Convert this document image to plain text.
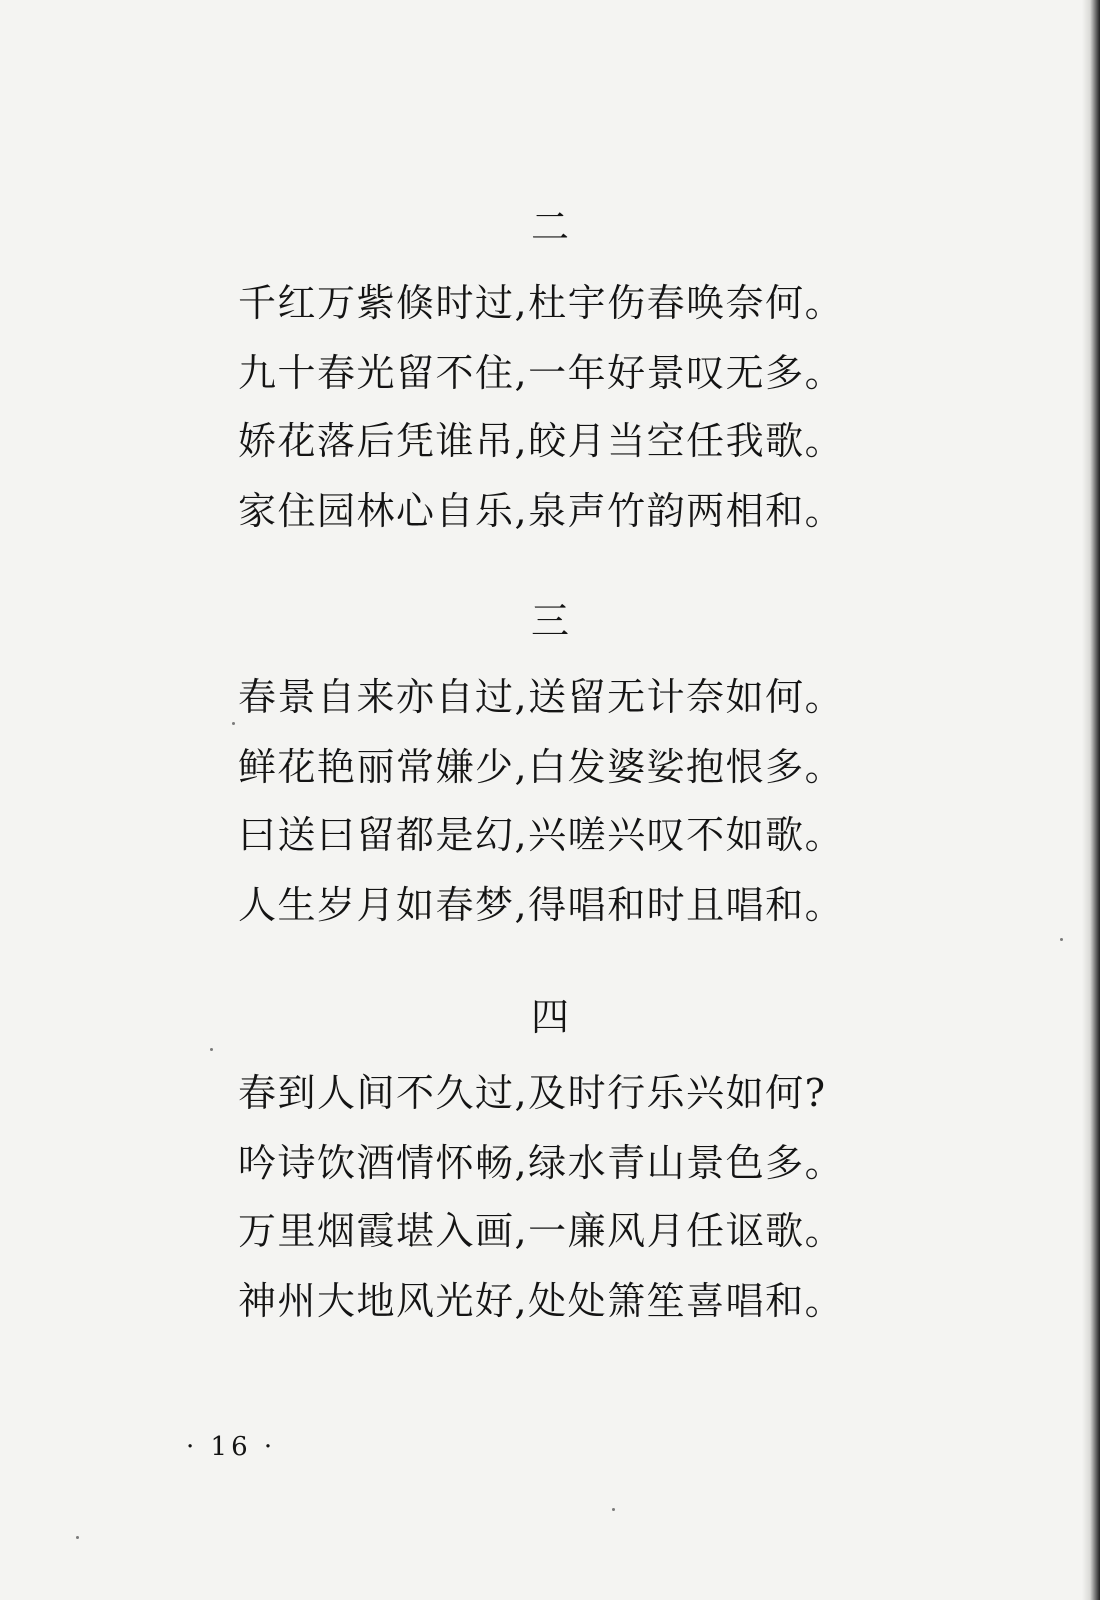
二
千红万紫倏时过,杜宇伤春唤奈何。
九十春光留不住,一年好景叹无多。
娇花落后凭谁吊,皎月当空任我歌。
家住园林心自乐,泉声竹韵两相和。
三
春景自来亦自过,送留无计奈如何。
鲜花艳丽常嫌少,白发婆娑抱恨多。
曰送曰留都是幻,兴嗟兴叹不如歌。
人生岁月如春梦,得唱和时且唱和。
四
春到人间不久过,及时行乐兴如何?
吟诗饮酒情怀畅,绿水青山景色多。
万里烟霞堪入画,一廉风月任讴歌。
神州大地风光好,处处箫笙喜唱和。
· 16 ·
